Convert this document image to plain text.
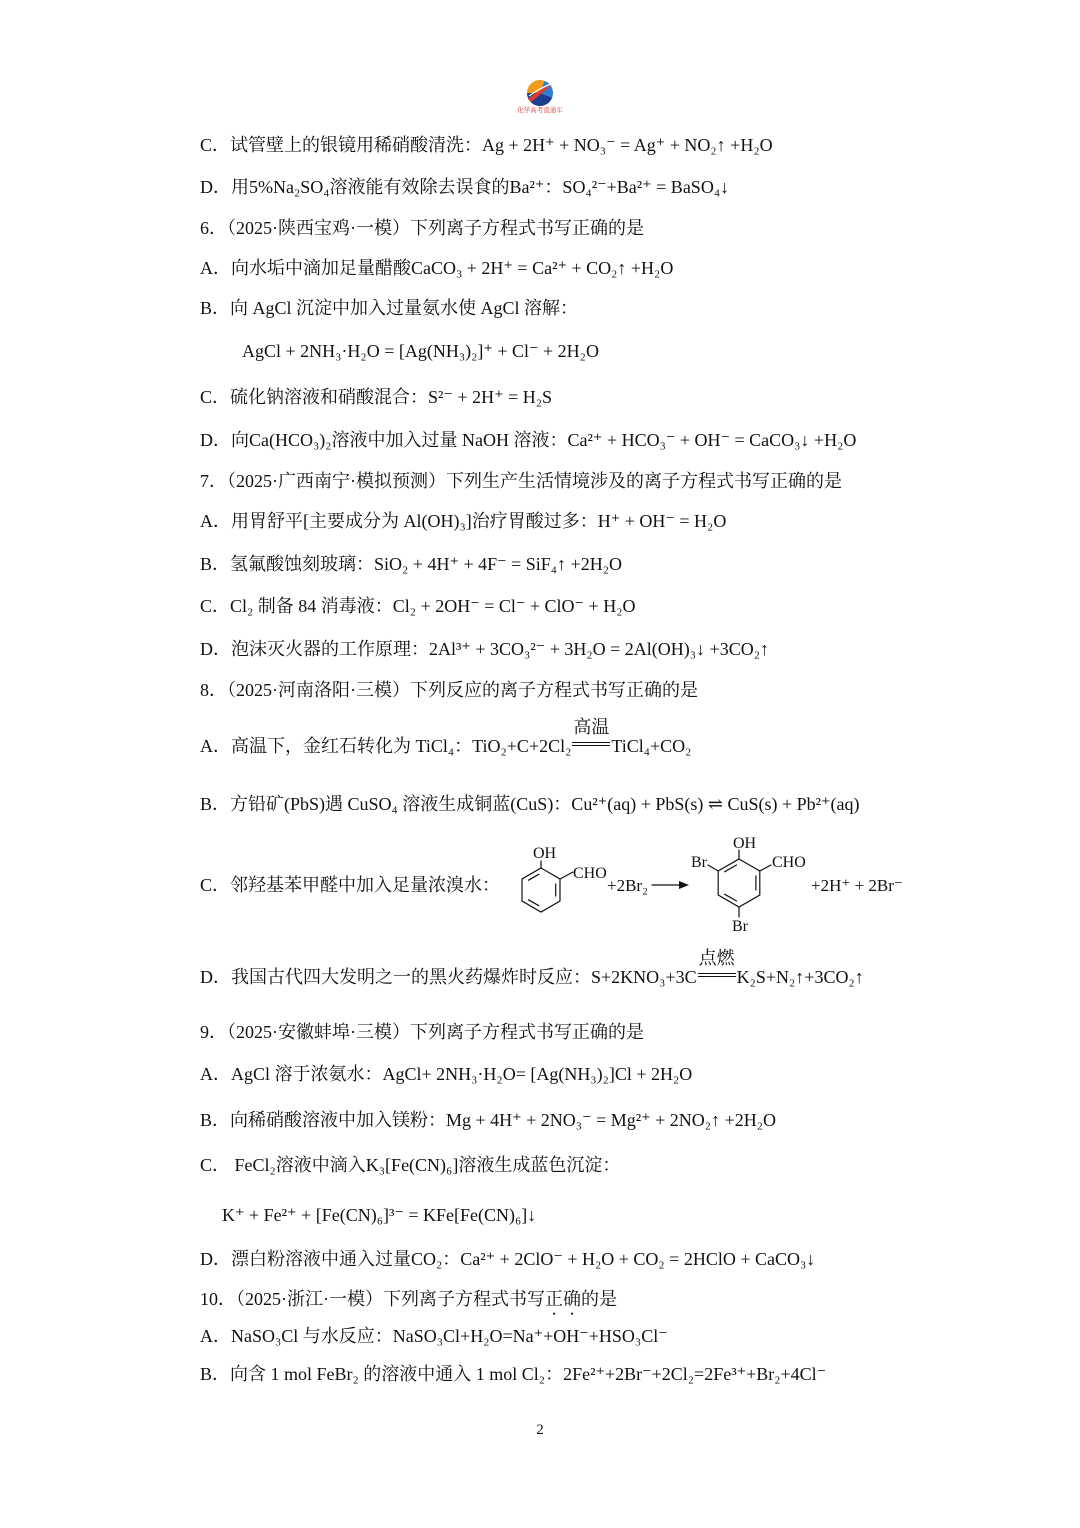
化学高考直通车
C．试管壁上的银镜用稀硝酸清洗：Ag + 2H⁺ + NO₃⁻ = Ag⁺ + NO₂↑ +H₂O
D．用5%Na₂SO₄溶液能有效除去误食的Ba²⁺：SO₄²⁻+Ba²⁺ = BaSO₄↓
6．（2025·陕西宝鸡·一模）下列离子方程式书写正确的是
A．向水垢中滴加足量醋酸CaCO₃ + 2H⁺ = Ca²⁺ + CO₂↑ +H₂O
B．向 AgCl 沉淀中加入过量氨水使 AgCl 溶解：
AgCl + 2NH₃·H₂O = [Ag(NH₃)₂]⁺ + Cl⁻ + 2H₂O
C．硫化钠溶液和硝酸混合：S²⁻ + 2H⁺ = H₂S
D．向Ca(HCO₃)₂溶液中加入过量 NaOH 溶液：Ca²⁺ + HCO₃⁻ + OH⁻ = CaCO₃↓ +H₂O
7．（2025·广西南宁·模拟预测）下列生产生活情境涉及的离子方程式书写正确的是
A．用胃舒平[主要成分为 Al(OH)₃]治疗胃酸过多：H⁺ + OH⁻ = H₂O
B．氢氟酸蚀刻玻璃：SiO₂ + 4H⁺ + 4F⁻ = SiF₄↑ +2H₂O
C．Cl₂ 制备 84 消毒液：Cl₂ + 2OH⁻ = Cl⁻ + ClO⁻ + H₂O
D．泡沫灭火器的工作原理：2Al³⁺ + 3CO₃²⁻ + 3H₂O = 2Al(OH)₃↓ +3CO₂↑
8．（2025·河南洛阳·三模）下列反应的离子方程式书写正确的是
A．高温下，金红石转化为 TiCl₄：TiO₂+C+2Cl₂
高温
TiCl₄+CO₂
B．方铅矿(PbS)遇 CuSO₄ 溶液生成铜蓝(CuS)：Cu²⁺(aq) + PbS(s) ⇌ CuS(s) + Pb²⁺(aq)
C．邻羟基苯甲醛中加入足量浓溴水：
OH
CHO
+2Br₂
OH
Br	CHO
Br
+2H⁺ + 2Br⁻
D．我国古代四大发明之一的黑火药爆炸时反应：S+2KNO₃+3C
点燃
K₂S+N₂↑+3CO₂↑
9．（2025·安徽蚌埠·三模）下列离子方程式书写正确的是
A．AgCl 溶于浓氨水：AgCl+ 2NH₃·H₂O= [Ag(NH₃)₂]Cl + 2H₂O
B．向稀硝酸溶液中加入镁粉：Mg + 4H⁺ + 2NO₃⁻ = Mg²⁺ + 2NO₂↑ +2H₂O
C． FeCl₂溶液中滴入K₃[Fe(CN)₆]溶液生成蓝色沉淀：
K⁺ + Fe²⁺ + [Fe(CN)₆]³⁻ = KFe[Fe(CN)₆]↓
D．漂白粉溶液中通入过量CO₂：Ca²⁺ + 2ClO⁻ + H₂O + CO₂ = 2HClO + CaCO₃↓
10．（2025·浙江·一模）下列离子方程式书写正确的是
A．NaSO₃Cl 与水反应：NaSO₃Cl+H₂O=Na⁺+OH⁻+HSO₃Cl⁻
B．向含 1 mol FeBr₂ 的溶液中通入 1 mol Cl₂：2Fe²⁺+2Br⁻+2Cl₂=2Fe³⁺+Br₂+4Cl⁻
2
